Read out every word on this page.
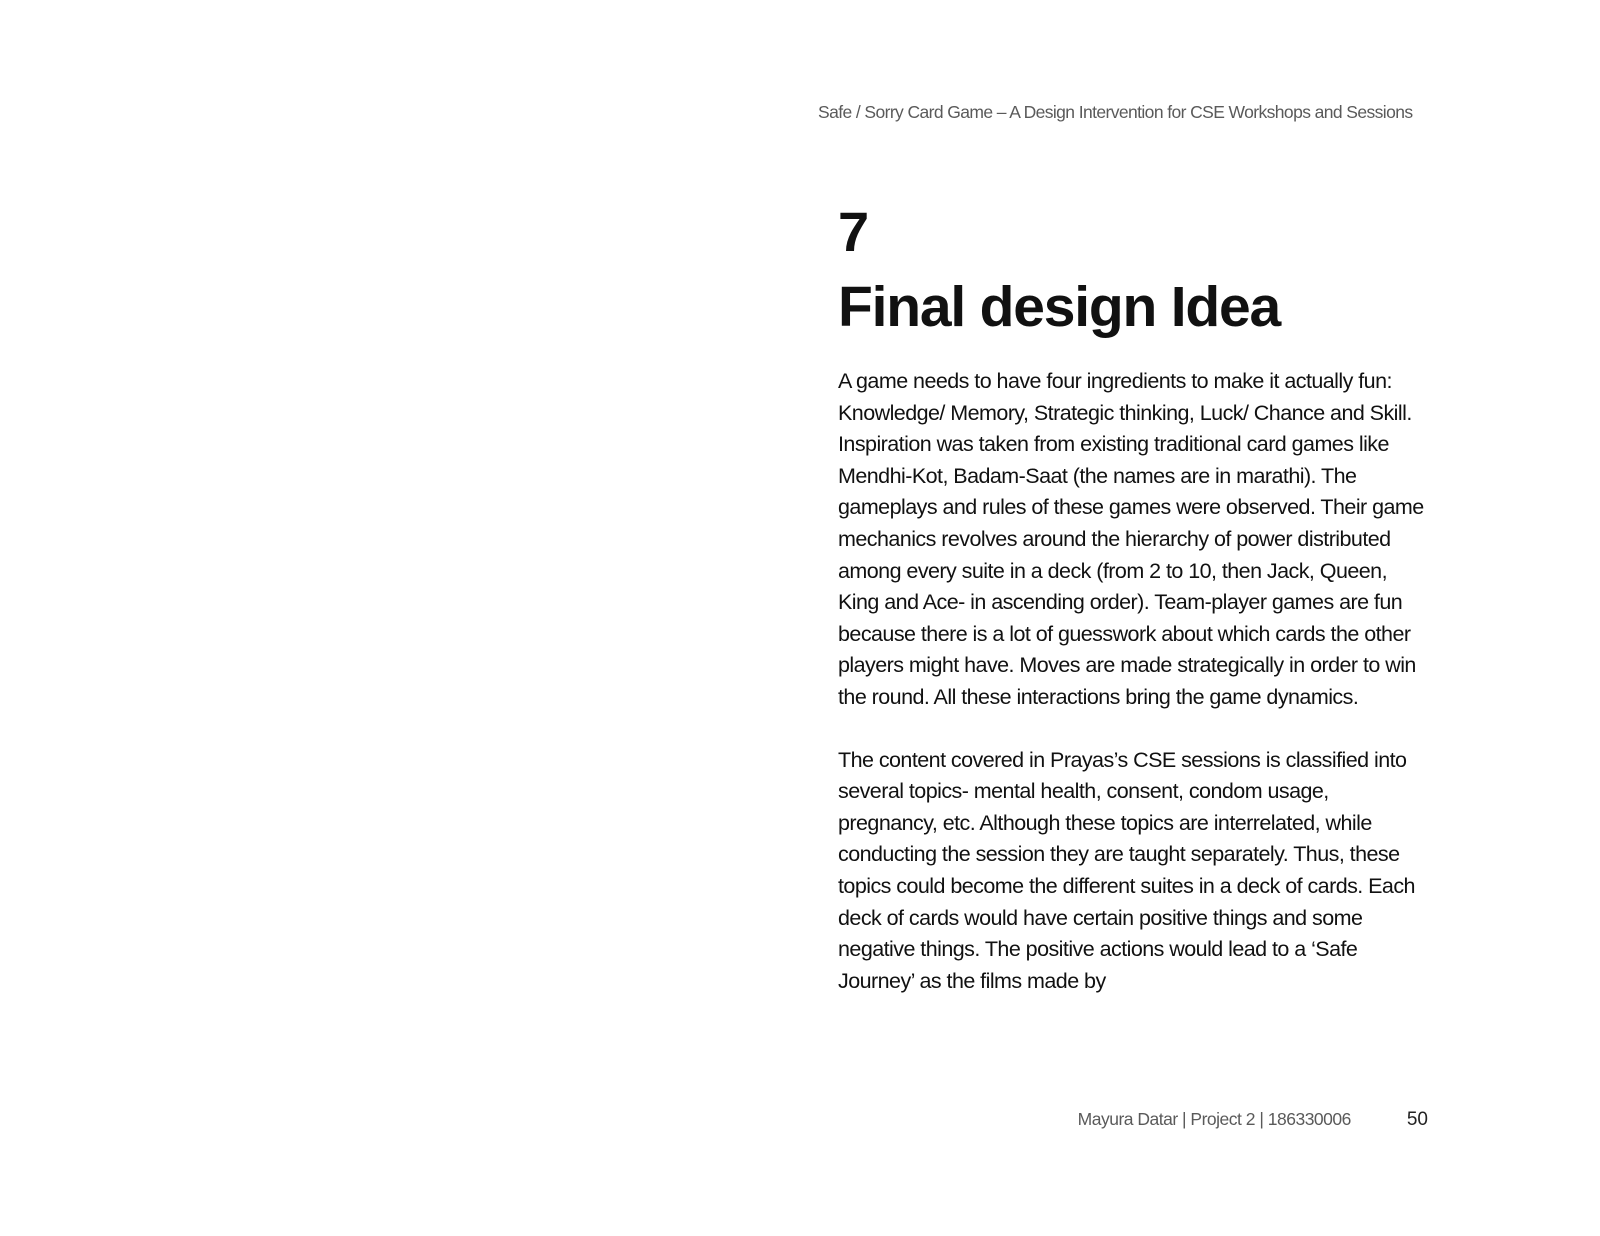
Safe / Sorry Card Game – A Design Intervention for CSE Workshops and Sessions
7
Final design Idea

A game needs to have four ingredients to make it actually fun: Knowledge/ Memory, Strategic thinking, Luck/ Chance and Skill. Inspiration was taken from existing traditional card games like Mendhi-Kot, Badam-Saat (the names are in marathi). The gameplays and rules of these games were observed. Their game mechanics revolves around the hierarchy of power distributed among every suite in a deck (from 2 to 10, then Jack, Queen, King and Ace- in ascending order). Team-player games are fun because there is a lot of guesswork about which cards the other players might have. Moves are made strategically in order to win the round. All these interactions bring the game dynamics.

The content covered in Prayas’s CSE sessions is classified into several topics- mental health, consent, condom usage, pregnancy, etc. Although these topics are interrelated, while conducting the session they are taught separately. Thus, these topics could become the different suites in a deck of cards. Each deck of cards would have certain positive things and some negative things. The positive actions would lead to a ‘Safe Journey’ as the films made by

Mayura Datar | Project 2 | 186330006	50
